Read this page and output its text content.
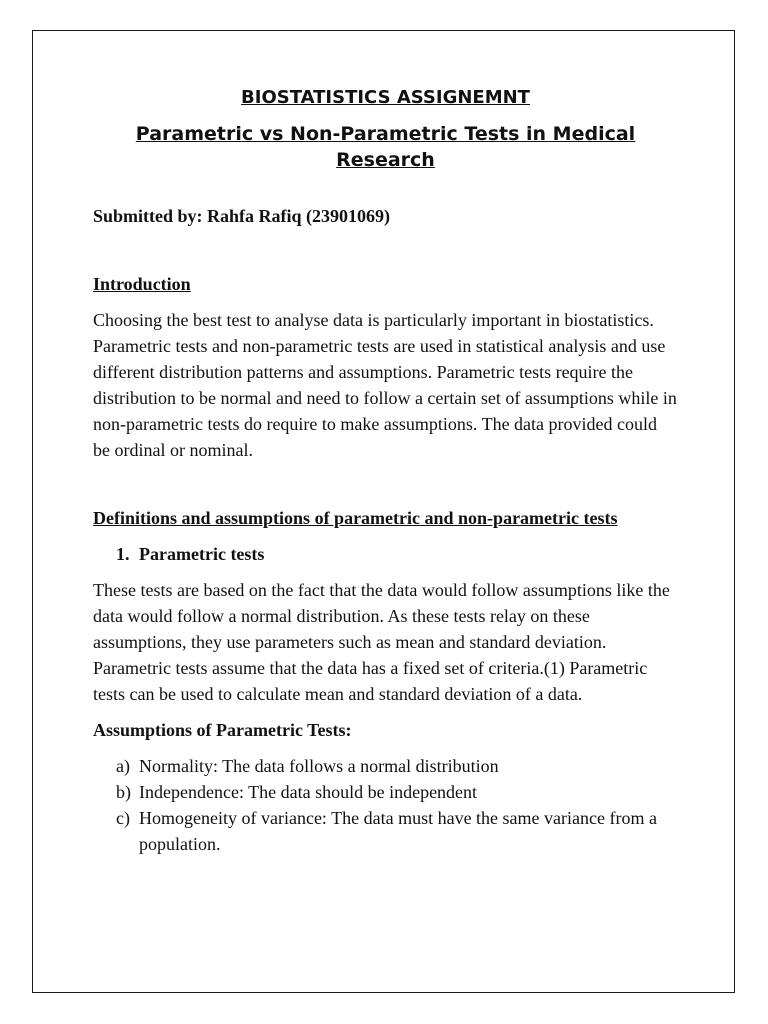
BIOSTATISTICS ASSIGNEMNT
Parametric vs Non-Parametric Tests in Medical Research

Submitted by: Rahfa Rafiq (23901069)

Introduction

Choosing the best test to analyse data is particularly important in biostatistics. Parametric tests and non-parametric tests are used in statistical analysis and use different distribution patterns and assumptions. Parametric tests require the distribution to be normal and need to follow a certain set of assumptions while in non-parametric tests do require to make assumptions. The data provided could be ordinal or nominal.

Definitions and assumptions of parametric and non-parametric tests

1. Parametric tests

These tests are based on the fact that the data would follow assumptions like the data would follow a normal distribution. As these tests relay on these assumptions, they use parameters such as mean and standard deviation. Parametric tests assume that the data has a fixed set of criteria.(1) Parametric tests can be used to calculate mean and standard deviation of a data.

Assumptions of Parametric Tests:

a) Normality: The data follows a normal distribution
b) Independence: The data should be independent
c) Homogeneity of variance: The data must have the same variance from a population.
